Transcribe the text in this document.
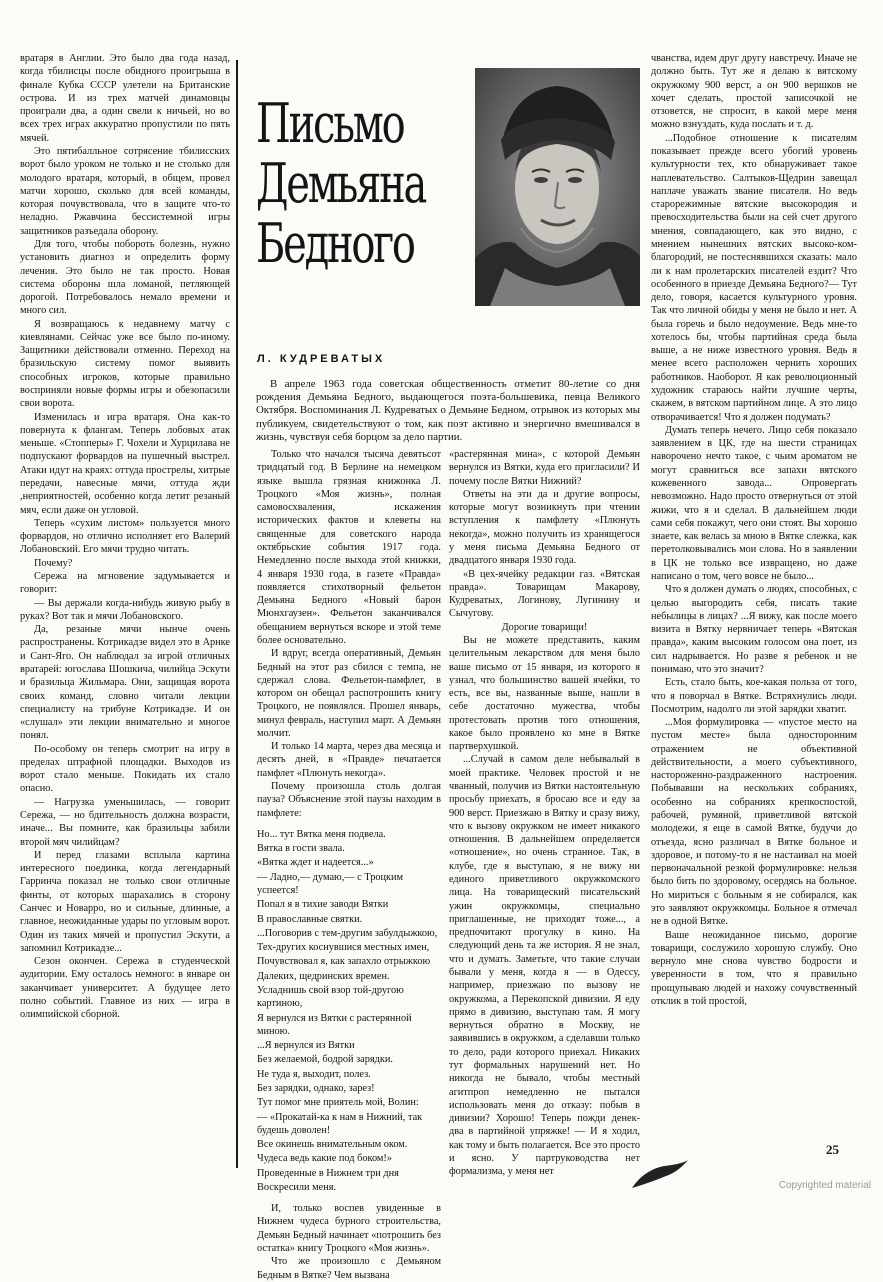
вратаря в Англии. Это было два года назад, когда тбилисцы после обидного проигрыша в финале Кубка СССР улетели на Британские острова. И из трех матчей динамовцы проиграли два, а один свели к ничьей, но во всех трех играх аккуратно пропустили по пять мячей.

Это пятибалльное сотрясение тбилисских ворот было уроком не только и не столько для молодого вратаря, который, в общем, провел матчи хорошо, сколько для всей команды, которая почувствовала, что в защите что-то неладно. Ржавчина бессистемной игры защитников разъедала оборону.

Для того, чтобы побороть болезнь, нужно установить диагноз и определить форму лечения. Это было не так просто. Новая система обороны шла ломаной, петляющей дорогой. Потребовалось немало времени и много сил.

Я возвращаюсь к недавнему матчу с киевлянами. Сейчас уже все было по-иному. Защитники действовали отменно. Переход на бразильскую систему помог выявить способных игроков, которые правильно восприняли новые формы игры и обезопасили свои ворота.

Изменилась и игра вратаря. Она как-то повернута к флангам. Теперь лобовых атак меньше. «Стопперы» Г. Чохели и Хурцилава не подпускают форвардов на пушечный выстрел. Атаки идут на краях: оттуда прострелы, хитрые передачи, навесные мячи, оттуда жди ,неприятностей, особенно когда летит резаный мяч, если даже он угловой.

Теперь «сухим листом» пользуется много форвардов, но отлично исполняет его Валерий Лобановский. Его мячи трудно читать.

Почему?

Сережа на мгновение задумывается и говорит:

— Вы держали когда-нибудь живую рыбу в руках? Вот так и мячи Лобановского.

Да, резаные мячи нынче очень распространены. Котрикадзе видел это в Арнке и Сант-Яго. Он наблюдал за игрой отличных вратарей: югослава Шошкича, чилийца Эскути и бразильца Жильмара. Они, защищая ворота своих команд, словно читали лекции специалисту на трибуне Котрикадзе. И он «слушал» эти лекции внимательно и многое понял.

По-особому он теперь смотрит на игру в пределах штрафной площадки. Выходов из ворот стало меньше. Покидать их стало опасно.

— Нагрузка уменьшилась, — говорит Сережа, — но бдительность должна возрасти, иначе... Вы помните, как бразильцы забили второй мяч чилийцам?

И перед глазами всплыла картина интересного поединка, когда легендарный Гарринча показал не только свои отличные финты, от которых шарахались в сторону Санчес и Новарро, но и сильные, длинные, а главное, неожиданные удары по угловым ворот. Один из таких мячей и пропустил Эскути, а запомнил Котрикадзе...

Сезон окончен. Сережа в студенческой аудитории. Ему осталось немного: в январе он заканчивает университет. А будущее лето полно событий. Главное из них — игра в олимпийской сборной.

Письмо
Демьяна
Бедного
Л. КУДРЕВАТЫХ

В апреле 1963 года советская общественность отметит 80-летие со дня рождения Демьяна Бедного, выдающегося поэта-большевика, певца Великого Октября. Воспоминания Л. Кудреватых о Демьяне Бедном, отрывок из которых мы публикуем, свидетельствуют о том, как поэт активно и энергично вмешивался в жизнь, чувствуя себя борцом за дело партии.

Только что начался тысяча девятьсот тридцатый год. В Берлине на немецком языке вышла грязная книжонка Л. Троцкого «Моя жизнь», полная самовосхваления, искажения исторических фактов и клеветы на священные для советского народа октябрьские события 1917 года. Немедленно после выхода этой книжки, 4 января 1930 года, в газете «Правда» появляется стихотворный фельетон Демьяна Бедного «Новый барон Мюнхгаузен». Фельетон заканчивался обещанием вернуться вскоре и этой теме более основательно.

И вдруг, всегда оперативный, Демьян Бедный на этот раз сбился с темпа, не сдержал слова. Фельетон-памфлет, в котором он обещал распотрошить книгу Троцкого, не появлялся. Прошел январь, минул февраль, наступил март. А Демьян молчит.

И только 14 марта, через два месяца и десять дней, в «Правде» печатается памфлет «Плюнуть некогда».

Почему произошла столь долгая пауза? Объяснение этой паузы находим в памфлете:

Но... тут Вятка меня подвела.

Вятка в гости звала.

«Вятка ждет и надеется...»

— Ладно,— думаю,— с Троцким успеется!

Попал я в тихие заводи Вятки

В православные святки.

...Поговорив с тем-другим забулдыжкою,

Тех-других коснувшися местных имен,

Почувствовал я, как запахло отрыжкою

Далеких, щедринских времен.

Усладнишь свой взор той-другою картиною,

Я вернулся из Вятки с растерянной миною.

...Я вернулся из Вятки

Без желаемой, бодрой зарядки.

Не туда я, выходит, полез.

Без зарядки, однако, зарез!

Тут помог мне приятель мой, Волин:

— «Прокатай-ка к нам в Нижний, так будешь доволен!

Все окинешь внимательным оком.

Чудеса ведь какие под боком!»

Проведенные в Нижнем три дня

Воскресили меня.

И, только воспев увиденные в Нижнем чудеса бурного строительства, Демьян Бедный начинает «потрошить без остатка» книгу Троцкого «Моя жизнь».

Что же произошло с Демьяном Бедным в Вятке? Чем вызвана

«растерянная мина», с которой Демьян вернулся из Вятки, куда его пригласили? И почему после Вятки Нижний?

Ответы на эти да и другие вопросы, которые могут возникнуть при чтении вступления к памфлету «Плюнуть некогда», можно получить из хранящегося у меня письма Демьяна Бедного от двадцатого января 1930 года.

«В цех-ячейку редакции газ. «Вятская правда». Товарищам Макарову, Кудреватых, Логинову, Лугинину и Сычугову.

Дорогие товарищи!

Вы не можете представить, каким целительным лекарством для меня было ваше письмо от 15 января, из которого я узнал, что большинство вашей ячейки, то есть, все вы, названные выше, нашли в себе достаточно мужества, чтобы протестовать против того отношения, какое было проявлено ко мне в Вятке партверхушкой.

...Случай в самом деле небывалый в моей практике. Человек простой и не чванный, получив из Вятки настоятельную просьбу приехать, я бросаю все и еду за 900 верст. Приезжаю в Вятку и сразу вижу, что к вызову окружком не имеет никакого отношения. В дальнейшем определяется «отношение», но очень странное. Так, в клубе, где я выступаю, я не вижу ни единого приветливого окружкомского лица. На товарищеский писательский ужин окружкомцы, специально приглашенные, не приходят тоже..., а предпочитают прогулку в кино. На следующий день та же история. Я не знал, что и думать. Заметьте, что такие случаи бывали у меня, когда я — в Одессу, например, приезжаю по вызову не окружкома, а Перекопской дивизии. Я еду прямо в дивизию, выступаю там. Я могу вернуться обратно в Москву, не заявившись в окружком, а сделавши только то дело, ради которого приехал. Никаких тут формальных нарушений нет. Но никогда не бывало, чтобы местный агитпроп немедленно не пытался использовать меня до отказу: побыв в дивизии? Хорошо! Теперь пожди денек-два в партийной упряжке! — И я ходил, как тому и быть полагается. Все это просто и ясно. У партруководства нет формализма, у меня нет

чванства, идем друг другу навстречу. Иначе не должно быть. Тут же я делаю к вятскому окружкому 900 верст, а он 900 вершков не хочет сделать, простой записочкой не отзовется, не спросит, в какой мере меня можно взнуздать, куда послать и т. д.

...Подобное отношение к писателям показывает прежде всего убогий уровень культурности тех, кто обнаруживает такое наплевательство. Салтыков-Щедрин завещал наплаче уважать звание писателя. Но ведь старорежимные вятские высокородия и превосходительства были на сей счет другого мнения, совпадающего, как это видно, с мнением нынешних вятских высоко-ком-благородий, не постеснявшихся сказать: мало ли к нам пролетарских писателей ездит? Что особенного в приезде Демьяна Бедного?— Тут дело, говоря, касается культурного уровня. Так что личной обиды у меня не было и нет. А была горечь и было недоумение. Ведь мне-то хотелось бы, чтобы партийная среда была выше, а не ниже известного уровня. Ведь я менее всего расположен чернить хороших работников. Наоборот. Я как революционный художник стараюсь найти лучшие черты, скажем, в вятском партийном лице. А это лицо отворачивается! Что я должен подумать?

Думать теперь нечего. Лицо себя показало заявлением в ЦК, где на шести страницах наворочено нечто такое, с чьим ароматом не могут сравниться все запахи вятского кожевенного завода... Опровергать невозможно. Надо просто отвернуться от этой жижи, что я и сделал. В дальнейшем люди сами себя покажут, чего они стоят. Вы хорошо знаете, как велась за мною в Вятке слежка, как перетолковывались мои слова. Но в заявлении в ЦК не только все извращено, но даже написано о том, чего вовсе не было...

Что я должен думать о людях, способных, с целью выгородить себя, писать такие небылицы в лицах? ...Я вижу, как после моего визита в Вятку нервничает теперь «Вятская правда», каким высоким голосом она поет, из сил надрывается. Но разве я ребенок и не понимаю, что это значит?

Есть, стало быть, кое-какая польза от того, что я поворчал в Вятке. Встряхнулись люди. Посмотрим, надолго ли этой зарядки хватит.

...Моя формулировка — «пустое место на пустом месте» была односторонним отражением не объективной действительности, а моего субъективного, настороженно-раздраженного настроения. Побывавши на нескольких собраниях, особенно на собраниях крепкоспостой, рабочей, румяной, приветливой вятской молодежи, я еще в самой Вятке, будучи до отъезда, ясно различал в Вятке больное и здоровое, и потому-то я не настаивал на моей первоначальной резкой формулировке: нельзя было бить по здоровому, осердясь на больное. Но мириться с больным я не собирался, как это заявляют окружкомцы. Больное я отмечал не в одной Вятке.

Ваше неожиданное письмо, дорогие товарищи, сослужило хорошую службу. Оно вернуло мне снова чувство бодрости и уверенности в том, что я правильно прощупываю людей и нахожу сочувственный отклик в той простой,

25
Copyrighted material
